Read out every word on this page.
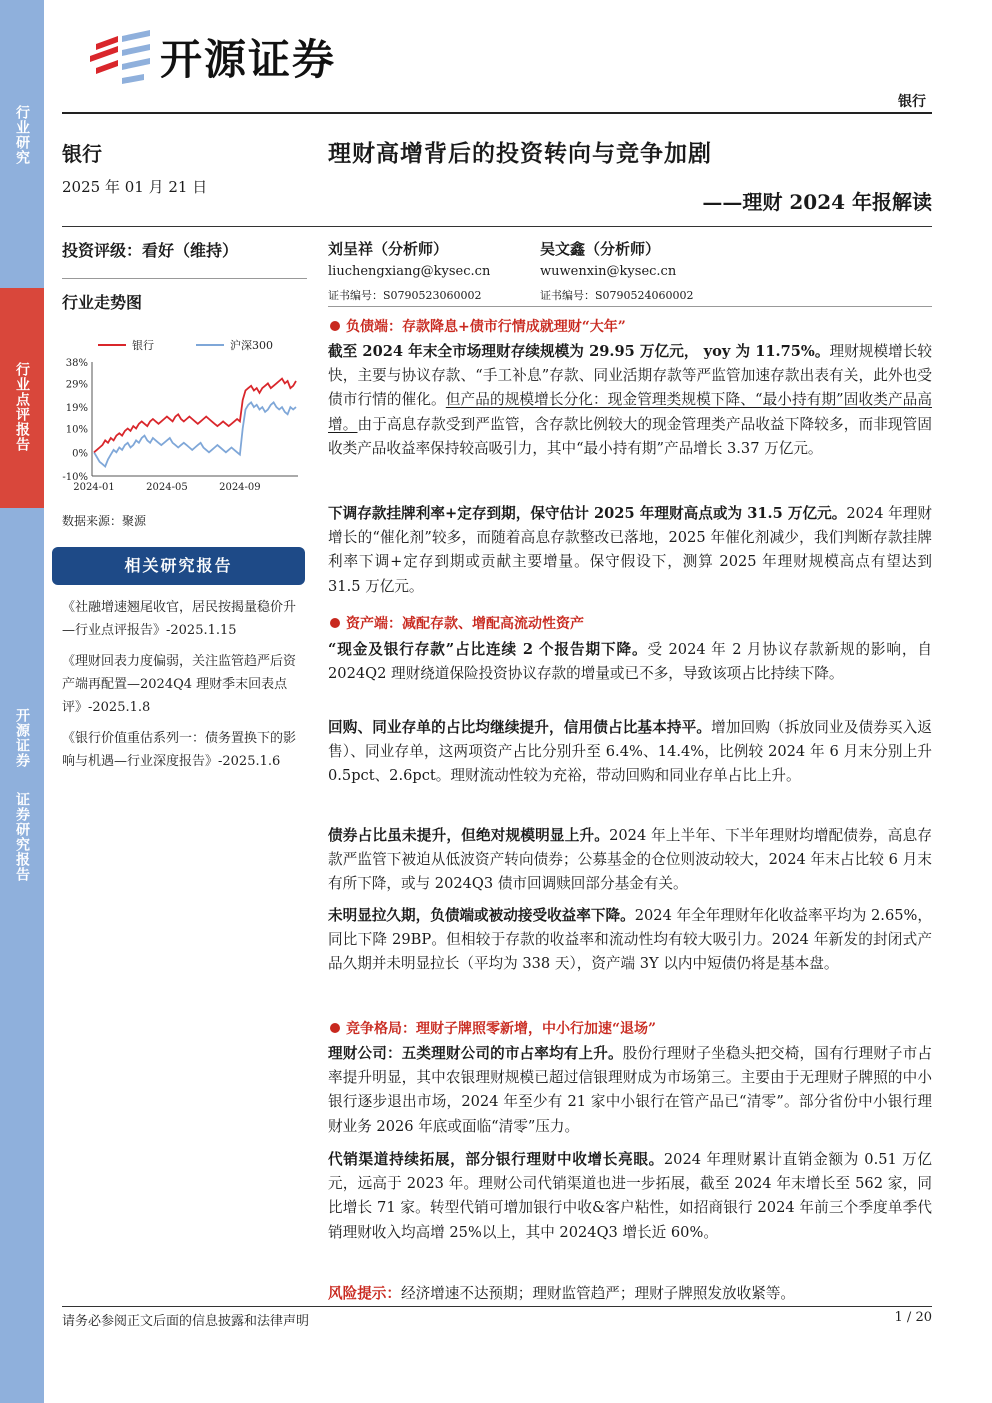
行业研究
行业点评报告
开源证券
证券研究报告
开源证券
银行
银行
2025 年 01 月 21 日
理财高增背后的投资转向与竞争加剧
——理财 2024 年报解读
投资评级：看好（维持）
行业走势图
刘呈祥（分析师）
liuchengxiang@kysec.cn
证书编号：S0790523060002
吴文鑫（分析师）
wuwenxin@kysec.cn
证书编号：S0790524060002
38%
29%
19%
10%
0%
-10%
2024-01	2024-05	2024-09
银行	沪深300
数据来源：聚源
相关研究报告
《社融增速翘尾收官，居民按揭量稳价升 —行业点评报告》-2025.1.15
《理财回表力度偏弱，关注监管趋严后资产端再配置—2024Q4 理财季末回表点评》-2025.1.8
《银行价值重估系列一：债务置换下的影响与机遇—行业深度报告》-2025.1.6
负债端：存款降息+债市行情成就理财“大年”
截至 2024 年末全市场理财存续规模为 29.95 万亿元， yoy 为 11.75%。理财规模增长较快，主要与协议存款、“手工补息”存款、同业活期存款等严监管加速存款出表有关，此外也受债市行情的催化。但产品的规模增长分化：现金管理类规模下降、“最小持有期”固收类产品高增。由于高息存款受到严监管，含存款比例较大的现金管理类产品收益下降较多，而非现管固收类产品收益率保持较高吸引力，其中“最小持有期”产品增长 3.37 万亿元。
下调存款挂牌利率+定存到期，保守估计 2025 年理财高点或为 31.5 万亿元。2024 年理财增长的“催化剂”较多，而随着高息存款整改已落地，2025 年催化剂减少，我们判断存款挂牌利率下调+定存到期或贡献主要增量。保守假设下，测算 2025 年理财规模高点有望达到 31.5 万亿元。
资产端：减配存款、增配高流动性资产
“现金及银行存款”占比连续 2 个报告期下降。受 2024 年 2 月协议存款新规的影响，自 2024Q2 理财绕道保险投资协议存款的增量或已不多，导致该项占比持续下降。
回购、同业存单的占比均继续提升，信用债占比基本持平。增加回购（拆放同业及债券买入返售）、同业存单，这两项资产占比分别升至 6.4%、14.4%，比例较 2024 年 6 月末分别上升 0.5pct、2.6pct。理财流动性较为充裕，带动回购和同业存单占比上升。
债券占比虽未提升，但绝对规模明显上升。2024 年上半年、下半年理财均增配债券，高息存款严监管下被迫从低波资产转向债券；公募基金的仓位则波动较大，2024 年末占比较 6 月末有所下降，或与 2024Q3 债市回调赎回部分基金有关。
未明显拉久期，负债端或被动接受收益率下降。2024 年全年理财年化收益率平均为 2.65%，同比下降 29BP。但相较于存款的收益率和流动性均有较大吸引力。2024 年新发的封闭式产品久期并未明显拉长（平均为 338 天），资产端 3Y 以内中短债仍将是基本盘。
竞争格局：理财子牌照零新增，中小行加速“退场”
理财公司：五类理财公司的市占率均有上升。股份行理财子坐稳头把交椅，国有行理财子市占率提升明显，其中农银理财规模已超过信银理财成为市场第三。主要由于无理财子牌照的中小银行逐步退出市场，2024 年至少有 21 家中小银行在管产品已“清零”。部分省份中小银行理财业务 2026 年底或面临“清零”压力。
代销渠道持续拓展，部分银行理财中收增长亮眼。2024 年理财累计直销金额为 0.51 万亿元，远高于 2023 年。理财公司代销渠道也进一步拓展，截至 2024 年末增长至 562 家，同比增长 71 家。转型代销可增加银行中收&客户粘性，如招商银行 2024 年前三个季度单季代销理财收入均高增 25%以上，其中 2024Q3 增长近 60%。
风险提示：经济增速不达预期；理财监管趋严；理财子牌照发放收紧等。
请务必参阅正文后面的信息披露和法律声明	1 / 20
